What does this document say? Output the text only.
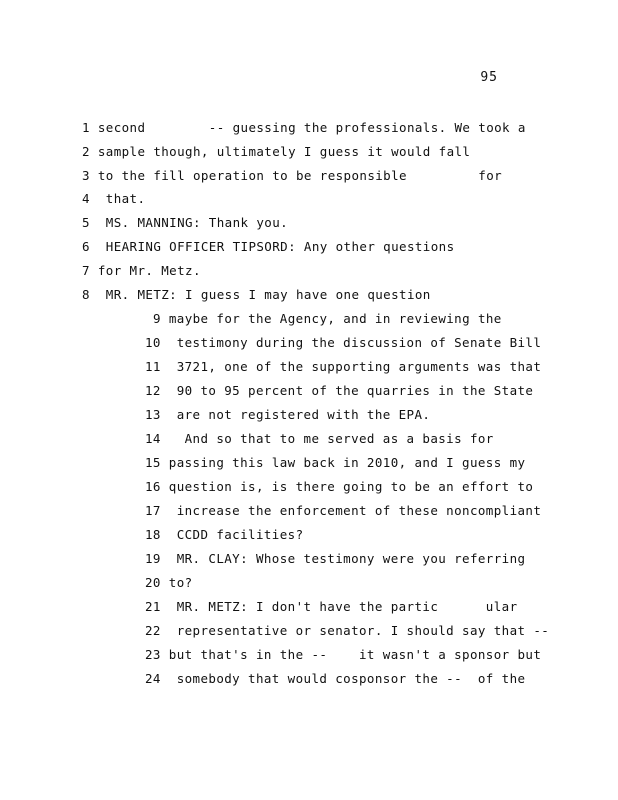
95
1 second        -- guessing the professionals. We took a
2 sample though, ultimately I guess it would fall
3 to the fill operation to be responsible         for
4  that.
5  MS. MANNING: Thank you.
6  HEARING OFFICER TIPSORD: Any other questions
7 for Mr. Metz.
8  MR. METZ: I guess I may have one question
9 maybe for the Agency, and in reviewing the
10  testimony during the discussion of Senate Bill
11  3721, one of the supporting arguments was that
12  90 to 95 percent of the quarries in the State
13  are not registered with the EPA.
14   And so that to me served as a basis for
15 passing this law back in 2010, and I guess my
16 question is, is there going to be an effort to
17  increase the enforcement of these noncompliant
18  CCDD facilities?
19  MR. CLAY: Whose testimony were you referring
20 to?
21  MR. METZ: I don't have the partic      ular
22  representative or senator. I should say that --
23 but that's in the --    it wasn't a sponsor but
24  somebody that would cosponsor the --  of the
